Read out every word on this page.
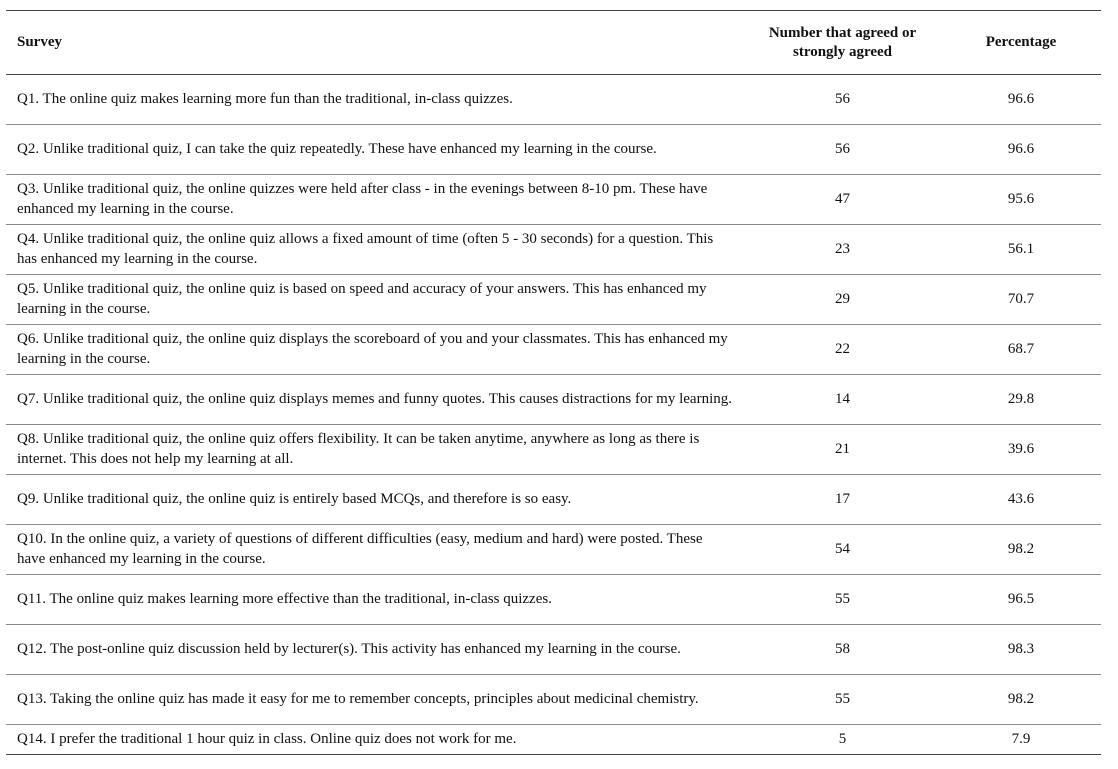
Survey	Number that agreed or strongly agreed	Percentage
Q1. The online quiz makes learning more fun than the traditional, in-class quizzes.	56	96.6
Q2. Unlike traditional quiz, I can take the quiz repeatedly. These have enhanced my learning in the course.	56	96.6
Q3. Unlike traditional quiz, the online quizzes were held after class - in the evenings between 8-10 pm. These have enhanced my learning in the course.	47	95.6
Q4. Unlike traditional quiz, the online quiz allows a fixed amount of time (often 5 - 30 seconds) for a question. This has enhanced my learning in the course.	23	56.1
Q5. Unlike traditional quiz, the online quiz is based on speed and accuracy of your answers. This has enhanced my learning in the course.	29	70.7
Q6. Unlike traditional quiz, the online quiz displays the scoreboard of you and your classmates. This has enhanced my learning in the course.	22	68.7
Q7. Unlike traditional quiz, the online quiz displays memes and funny quotes. This causes distractions for my learning.	14	29.8
Q8. Unlike traditional quiz, the online quiz offers flexibility. It can be taken anytime, anywhere as long as there is internet. This does not help my learning at all.	21	39.6
Q9. Unlike traditional quiz, the online quiz is entirely based MCQs, and therefore is so easy.	17	43.6
Q10. In the online quiz, a variety of questions of different difficulties (easy, medium and hard) were posted. These have enhanced my learning in the course.	54	98.2
Q11. The online quiz makes learning more effective than the traditional, in-class quizzes.	55	96.5
Q12. The post-online quiz discussion held by lecturer(s). This activity has enhanced my learning in the course.	58	98.3
Q13. Taking the online quiz has made it easy for me to remember concepts, principles about medicinal chemistry.	55	98.2
Q14. I prefer the traditional 1 hour quiz in class. Online quiz does not work for me.	5	7.9
